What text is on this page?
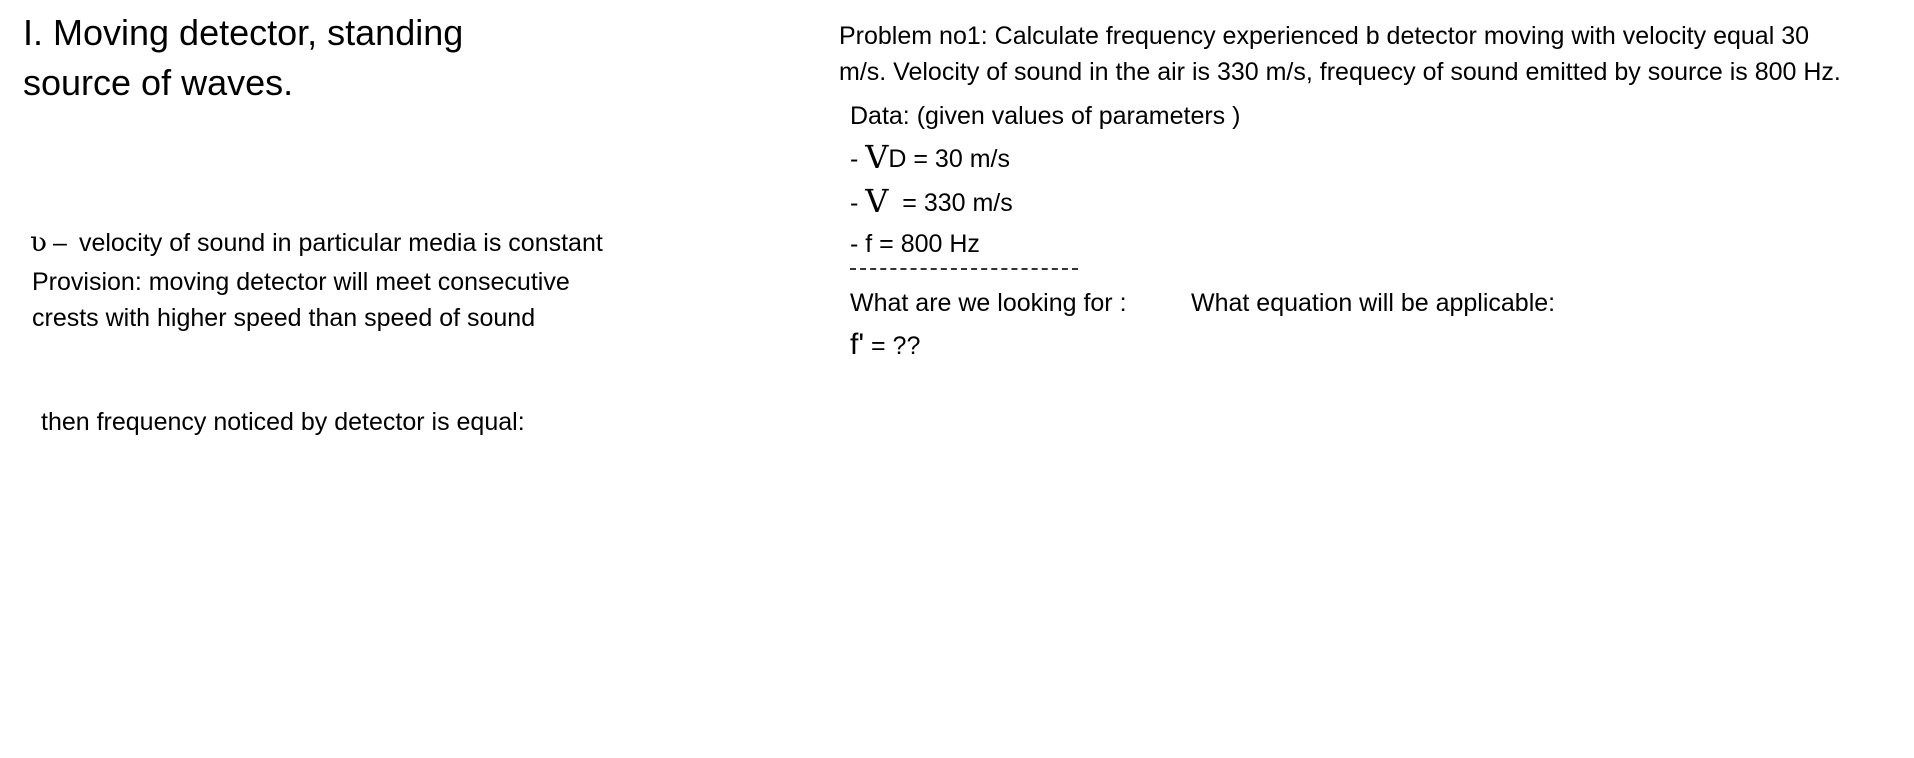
I. Moving detector, standing
source of waves.
ʋ – velocity of sound in particular media is constant
Provision: moving detector will meet consecutive
crests with higher speed than speed of sound
then frequency noticed by detector is equal:
Problem no1: Calculate frequency experienced b detector moving with velocity equal 30
m/s. Velocity of sound in the air is 330 m/s, frequecy of sound emitted by source is 800 Hz.
Data: (given values of parameters )
- VD = 30 m/s
- V  = 330 m/s
- f = 800 Hz
What are we looking for :	What equation will be applicable:
f' = ??
